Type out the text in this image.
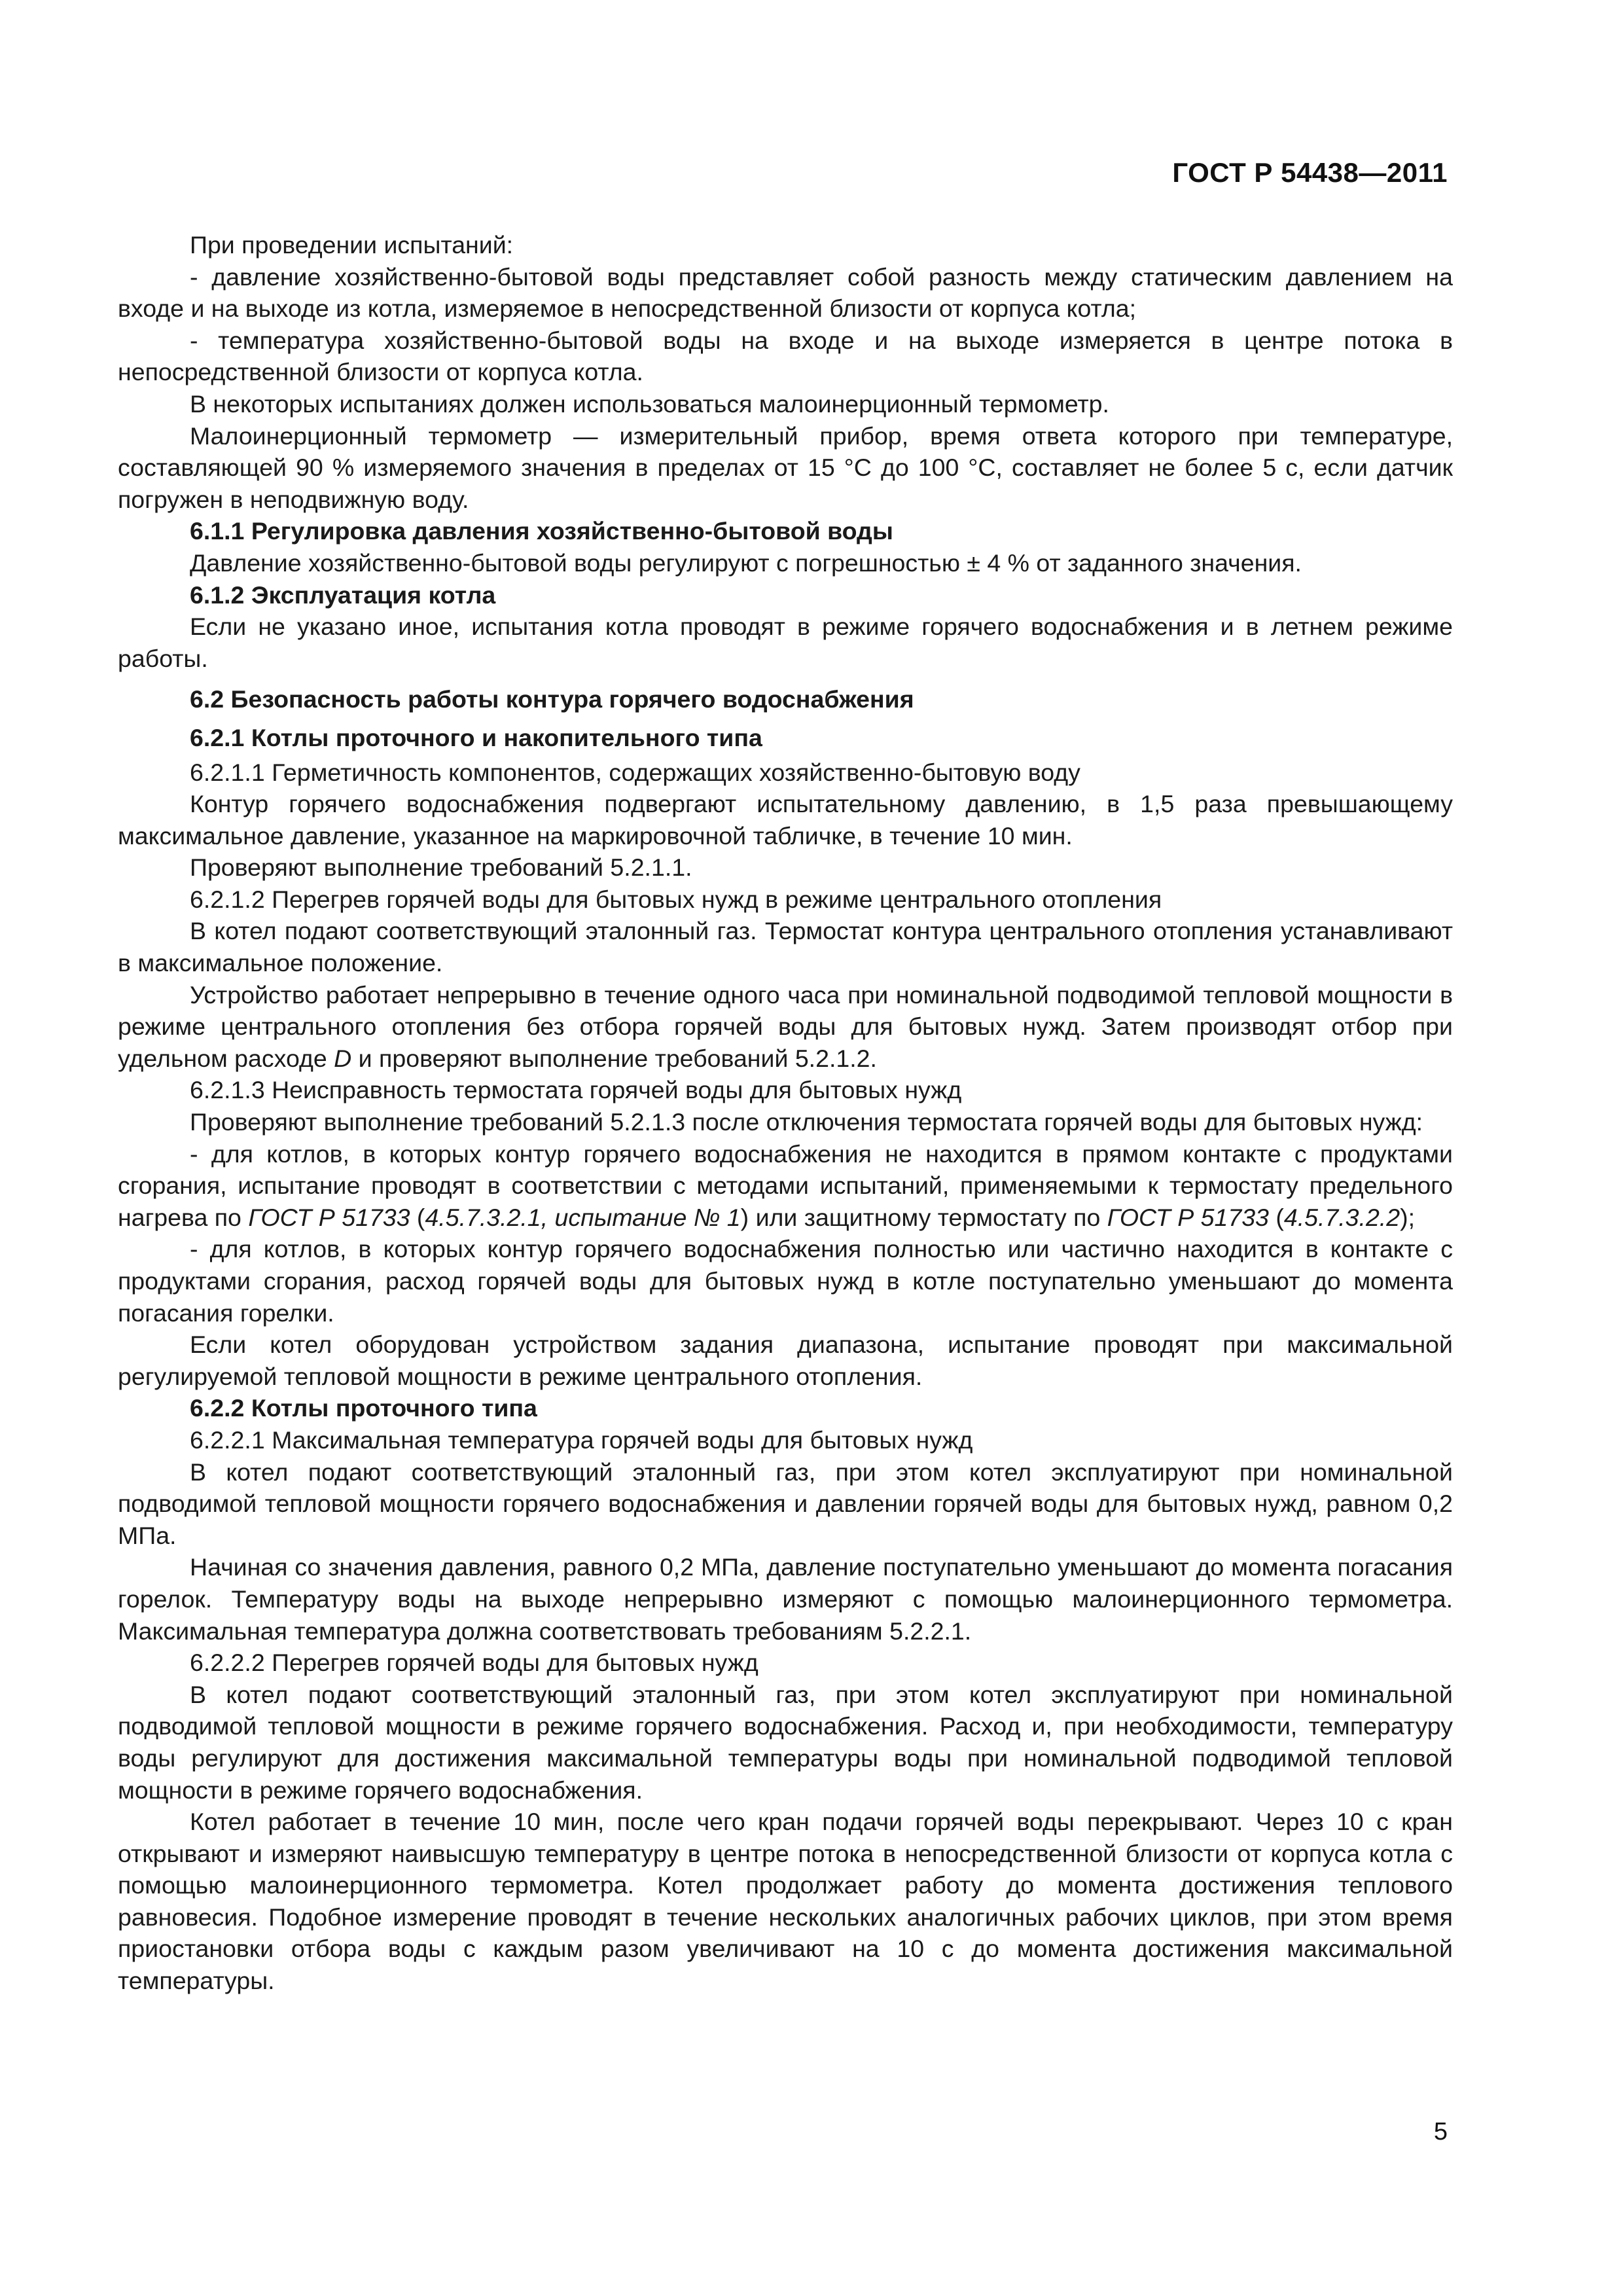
ГОСТ Р 54438—2011

При проведении испытаний:

- давление хозяйственно-бытовой воды представляет собой разность между статическим давлением на входе и на выходе из котла, измеряемое в непосредственной близости от корпуса котла;

- температура хозяйственно-бытовой воды на входе и на выходе измеряется в центре потока в непосредственной близости от корпуса котла.

В некоторых испытаниях должен использоваться малоинерционный термометр.

Малоинерционный термометр — измерительный прибор, время ответа которого при температуре, составляющей 90 % измеряемого значения в пределах от 15 °С до 100 °С, составляет не более 5 с, если датчик погружен в неподвижную воду.

6.1.1 Регулировка давления хозяйственно-бытовой воды

Давление хозяйственно-бытовой воды регулируют с погрешностью ± 4 % от заданного значения.

6.1.2 Эксплуатация котла

Если не указано иное, испытания котла проводят в режиме горячего водоснабжения и в летнем режиме работы.

6.2 Безопасность работы контура горячего водоснабжения

6.2.1 Котлы проточного и накопительного типа

6.2.1.1 Герметичность компонентов, содержащих хозяйственно-бытовую воду

Контур горячего водоснабжения подвергают испытательному давлению, в 1,5 раза превышающему максимальное давление, указанное на маркировочной табличке, в течение 10 мин.

Проверяют выполнение требований 5.2.1.1.

6.2.1.2 Перегрев горячей воды для бытовых нужд в режиме центрального отопления

В котел подают соответствующий эталонный газ. Термостат контура центрального отопления устанавливают в максимальное положение.

Устройство работает непрерывно в течение одного часа при номинальной подводимой тепловой мощности в режиме центрального отопления без отбора горячей воды для бытовых нужд. Затем производят отбор при удельном расходе D и проверяют выполнение требований 5.2.1.2.

6.2.1.3 Неисправность термостата горячей воды для бытовых нужд

Проверяют выполнение требований 5.2.1.3 после отключения термостата горячей воды для бытовых нужд:

- для котлов, в которых контур горячего водоснабжения не находится в прямом контакте с продуктами сгорания, испытание проводят в соответствии с методами испытаний, применяемыми к термостату предельного нагрева по ГОСТ Р 51733 (4.5.7.3.2.1, испытание № 1) или защитному термостату по ГОСТ Р 51733 (4.5.7.3.2.2);

- для котлов, в которых контур горячего водоснабжения полностью или частично находится в контакте с продуктами сгорания, расход горячей воды для бытовых нужд в котле поступательно уменьшают до момента погасания горелки.

Если котел оборудован устройством задания диапазона, испытание проводят при максимальной регулируемой тепловой мощности в режиме центрального отопления.

6.2.2 Котлы проточного типа

6.2.2.1 Максимальная температура горячей воды для бытовых нужд

В котел подают соответствующий эталонный газ, при этом котел эксплуатируют при номинальной подводимой тепловой мощности горячего водоснабжения и давлении горячей воды для бытовых нужд, равном 0,2 МПа.

Начиная со значения давления, равного 0,2 МПа, давление поступательно уменьшают до момента погасания горелок. Температуру воды на выходе непрерывно измеряют с помощью малоинерционного термометра. Максимальная температура должна соответствовать требованиям 5.2.2.1.

6.2.2.2 Перегрев горячей воды для бытовых нужд

В котел подают соответствующий эталонный газ, при этом котел эксплуатируют при номинальной подводимой тепловой мощности в режиме горячего водоснабжения. Расход и, при необходимости, температуру воды регулируют для достижения максимальной температуры воды при номинальной подводимой тепловой мощности в режиме горячего водоснабжения.

Котел работает в течение 10 мин, после чего кран подачи горячей воды перекрывают. Через 10 с кран открывают и измеряют наивысшую температуру в центре потока в непосредственной близости от корпуса котла с помощью малоинерционного термометра. Котел продолжает работу до момента достижения теплового равновесия. Подобное измерение проводят в течение нескольких аналогичных рабочих циклов, при этом время приостановки отбора воды с каждым разом увеличивают на 10 с до момента достижения максимальной температуры.

5
